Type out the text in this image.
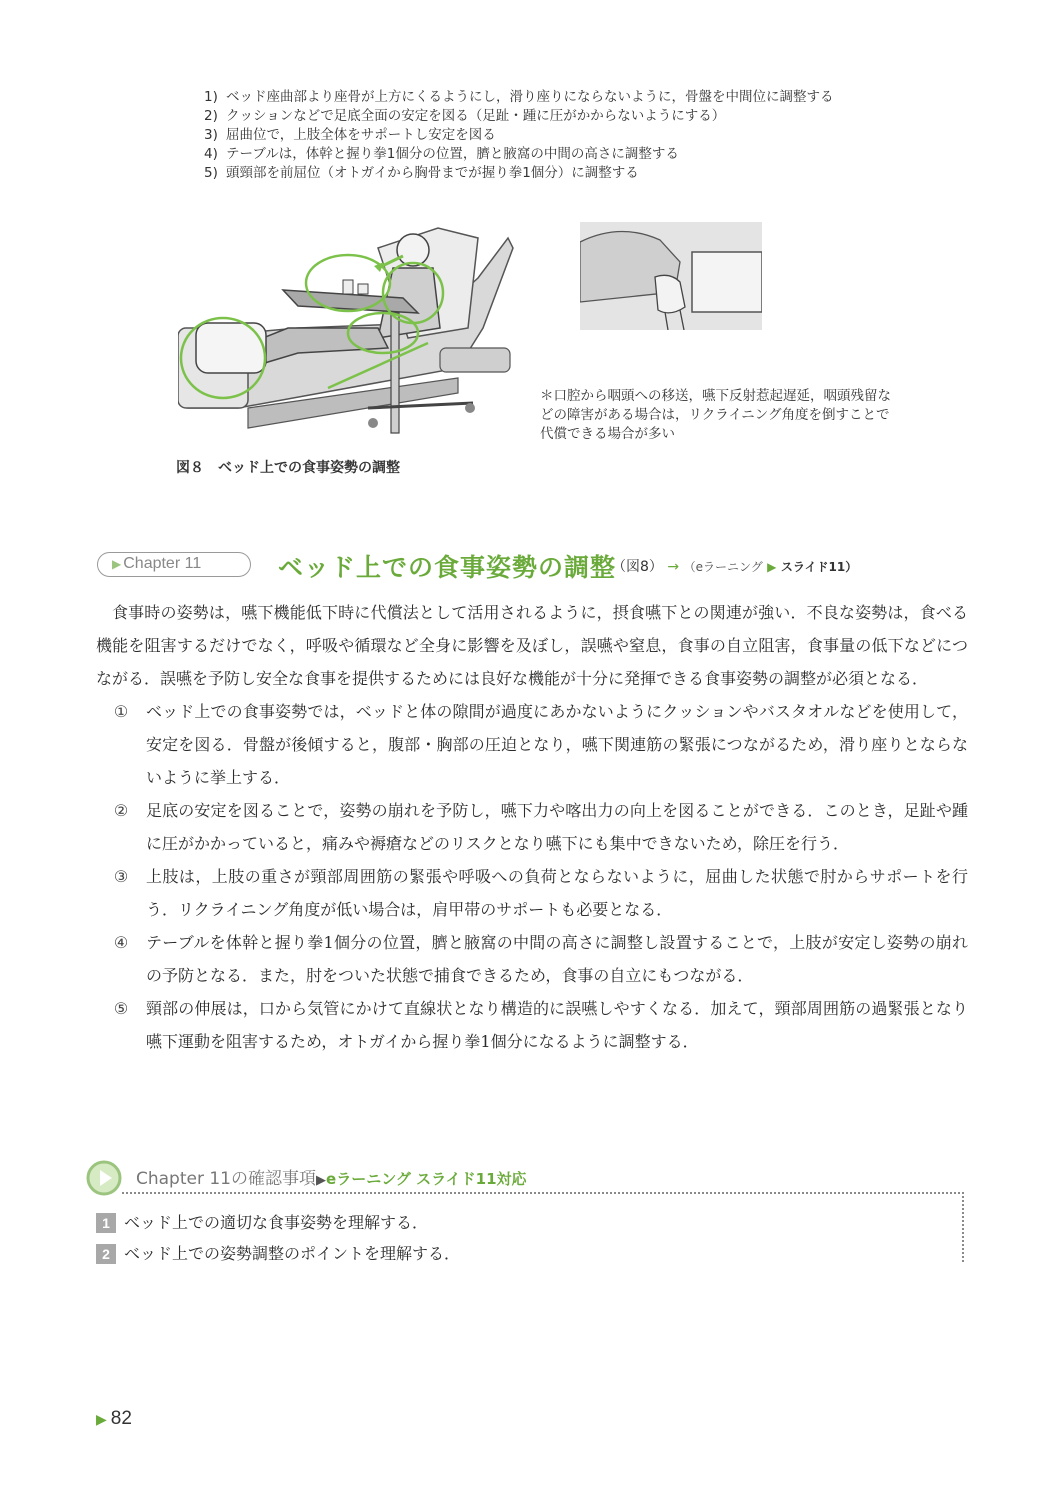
1) ベッド座曲部より座骨が上方にくるようにし，滑り座りにならないように，骨盤を中間位に調整する
2) クッションなどで足底全面の安定を図る（足趾・踵に圧がかからないようにする）
3) 屈曲位で，上肢全体をサポートし安定を図る
4) テーブルは，体幹と握り拳1個分の位置，臍と腋窩の中間の高さに調整する
5) 頭頸部を前屈位（オトガイから胸骨までが握り拳1個分）に調整する
＊口腔から咽頭への移送，嚥下反射惹起遅延，咽頭残留などの障害がある場合は，リクライニング角度を倒すことで代償できる場合が多い
図８　ベッド上での食事姿勢の調整
▶ Chapter 11	ベッド上での食事姿勢の調整
（図8） → （eラーニング ▶ スライド11）

食事時の姿勢は，嚥下機能低下時に代償法として活用されるように，摂食嚥下との関連が強い．不良な姿勢は，食べる機能を阻害するだけでなく，呼吸や循環など全身に影響を及ぼし，誤嚥や窒息，食事の自立阻害，食事量の低下などにつながる．誤嚥を予防し安全な食事を提供するためには良好な機能が十分に発揮できる食事姿勢の調整が必須となる．

①	ベッド上での食事姿勢では，ベッドと体の隙間が過度にあかないようにクッションやバスタオルなどを使用して，安定を図る．骨盤が後傾すると，腹部・胸部の圧迫となり，嚥下関連筋の緊張につながるため，滑り座りとならないように挙上する．
②	足底の安定を図ることで，姿勢の崩れを予防し，嚥下力や喀出力の向上を図ることができる．このとき，足趾や踵に圧がかかっていると，痛みや褥瘡などのリスクとなり嚥下にも集中できないため，除圧を行う．
③	上肢は，上肢の重さが頸部周囲筋の緊張や呼吸への負荷とならないように，屈曲した状態で肘からサポートを行う．リクライニング角度が低い場合は，肩甲帯のサポートも必要となる．
④	テーブルを体幹と握り拳1個分の位置，臍と腋窩の中間の高さに調整し設置することで，上肢が安定し姿勢の崩れの予防となる．また，肘をついた状態で捕食できるため，食事の自立にもつながる．
⑤	頸部の伸展は，口から気管にかけて直線状となり構造的に誤嚥しやすくなる．加えて，頸部周囲筋の過緊張となり嚥下運動を阻害するため，オトガイから握り拳1個分になるように調整する．
Chapter 11の確認事項▶eラーニング スライド11対応
1 ベッド上での適切な食事姿勢を理解する．
2 ベッド上での姿勢調整のポイントを理解する．
▶ 82
